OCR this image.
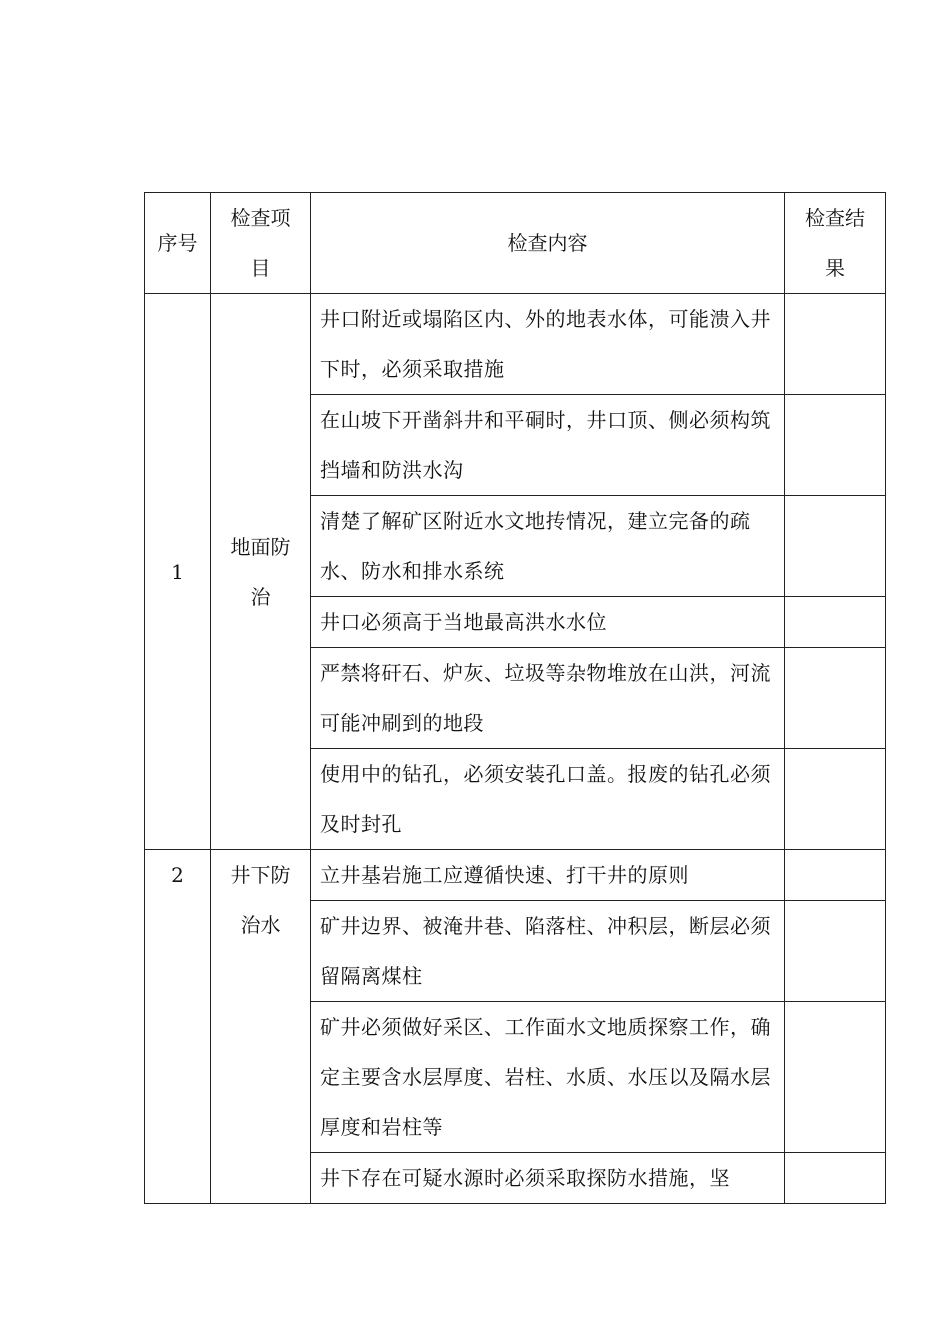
序号	检查项目	检查内容	检查结果

1	地面防治	井口附近或塌陷区内、外的地表水体，可能溃入井下时，必须采取措施	

		在山坡下开凿斜井和平硐时，井口顶、侧必须构筑挡墙和防洪水沟	

		清楚了解矿区附近水文地抟情况，建立完备的疏水、防水和排水系统	

		井口必须高于当地最高洪水水位	

		严禁将矸石、炉灰、垃圾等杂物堆放在山洪，河流可能冲刷到的地段	

		使用中的钻孔，必须安装孔口盖。报废的钻孔必须及时封孔	

2	井下防治水	立井基岩施工应遵循快速、打干井的原则	

		矿井边界、被淹井巷、陷落柱、冲积层，断层必须留隔离煤柱	

		矿井必须做好采区、工作面水文地质探察工作，确定主要含水层厚度、岩柱、水质、水压以及隔水层厚度和岩柱等	

		井下存在可疑水源时必须采取探防水措施，坚	
